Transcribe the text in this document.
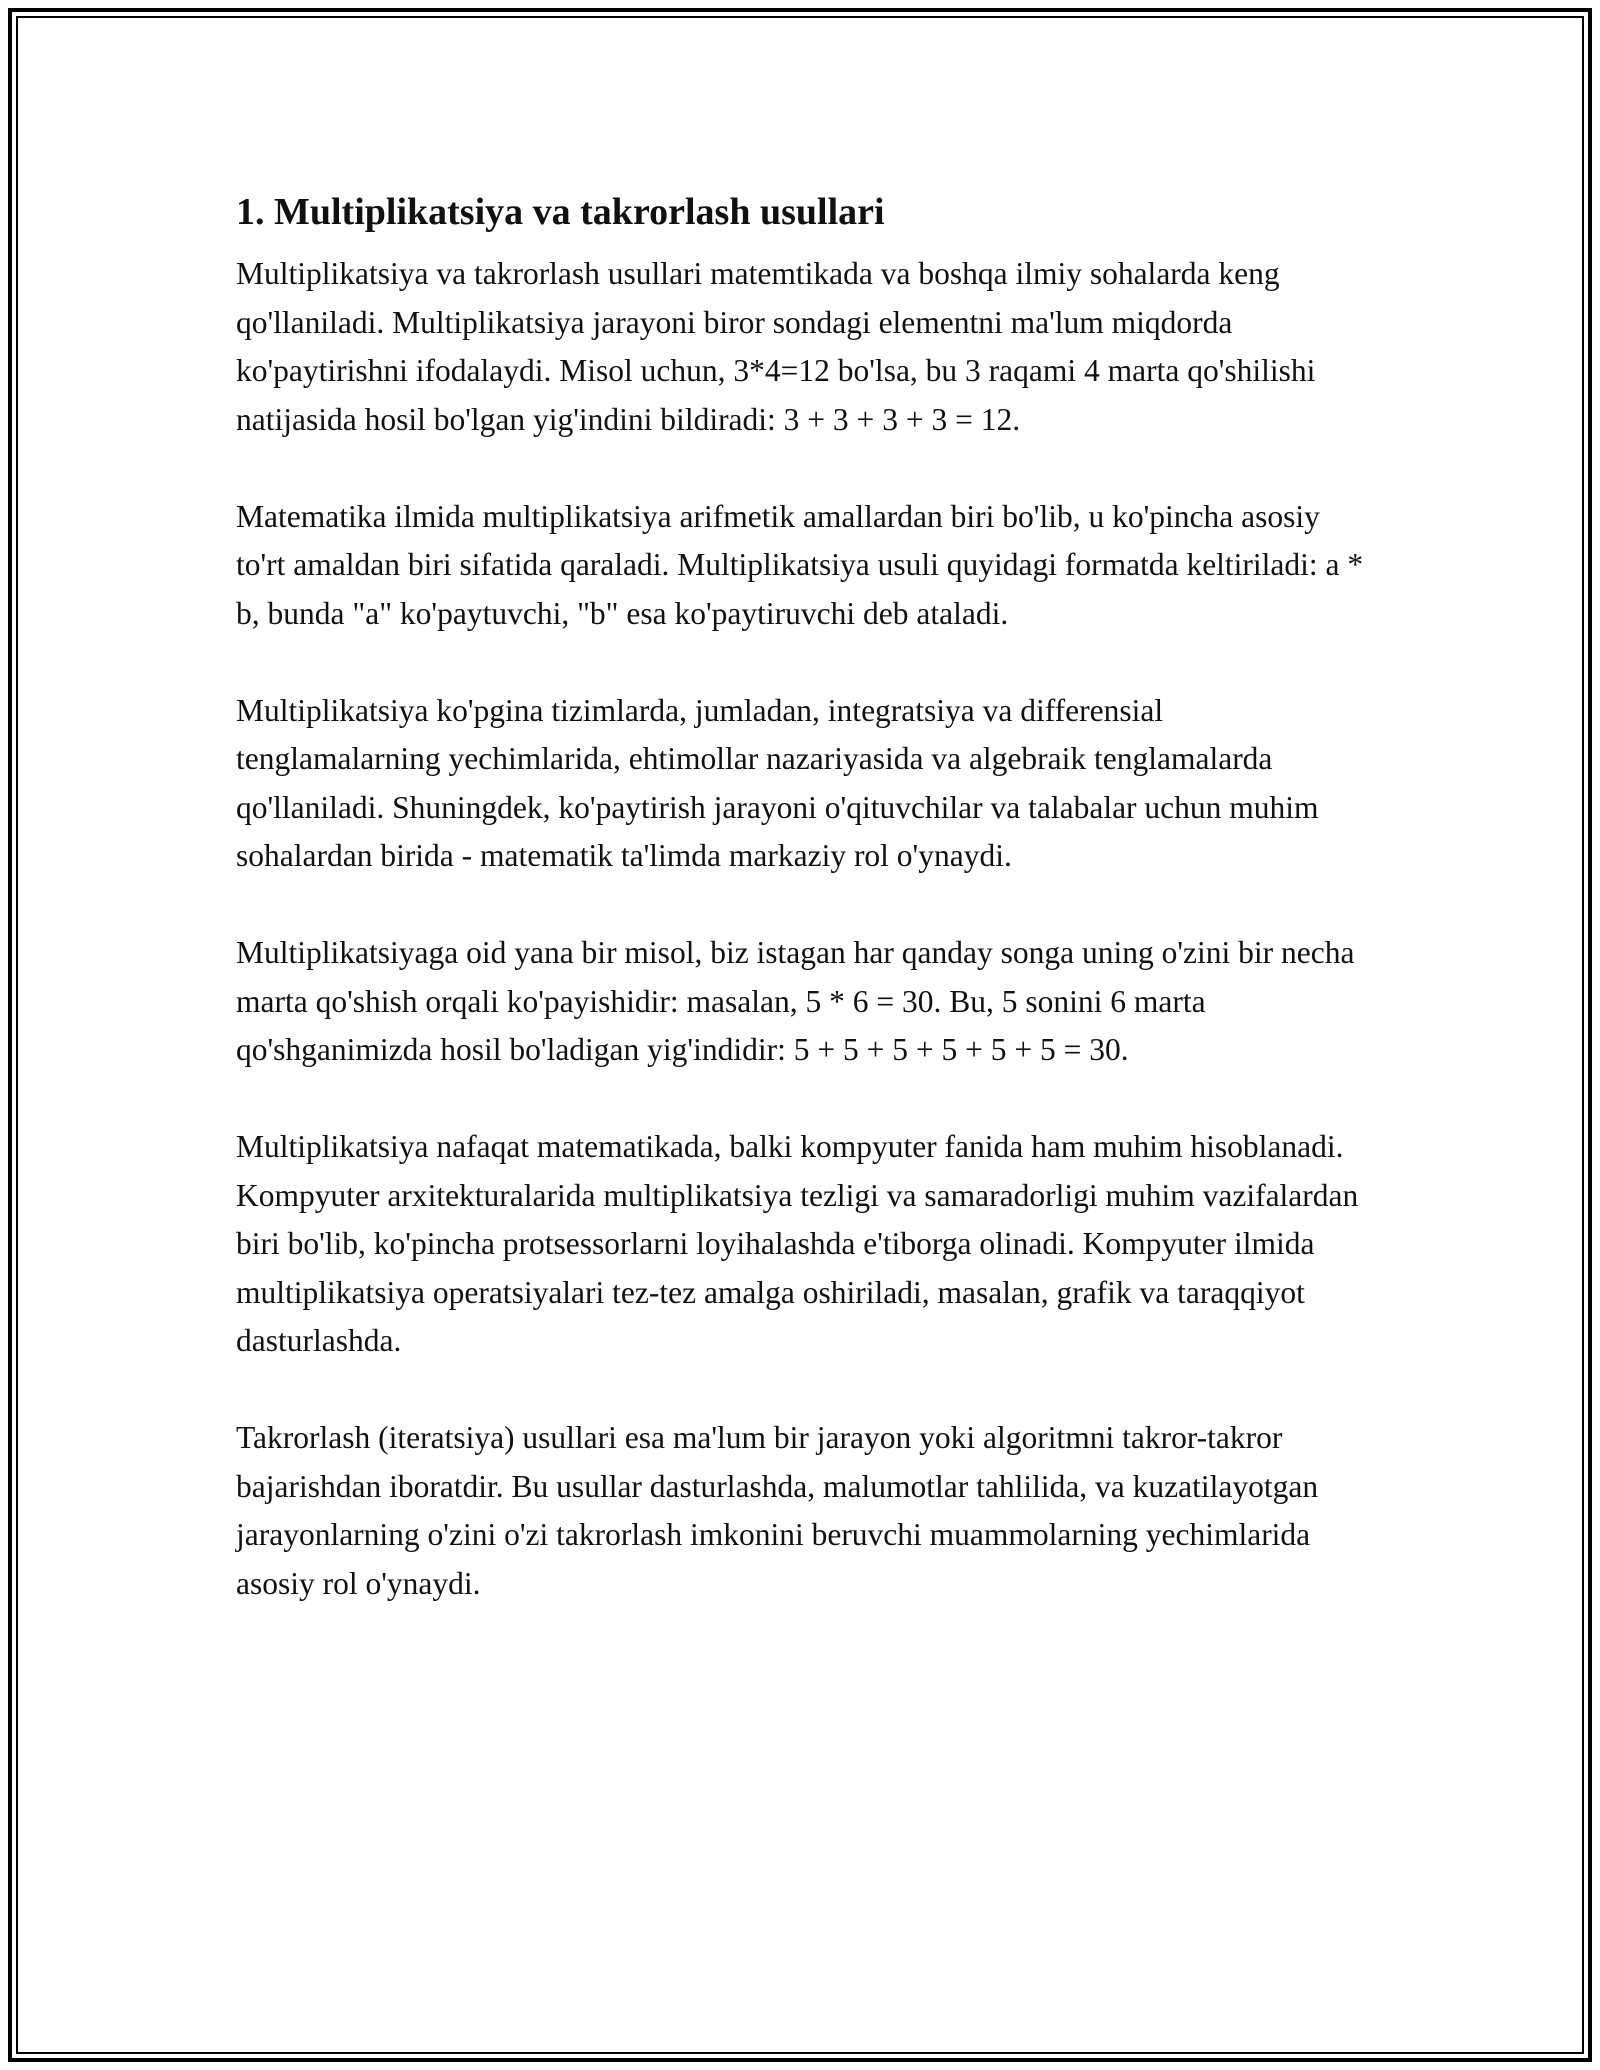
1. Multiplikatsiya va takrorlash usullari

Multiplikatsiya va takrorlash usullari matemtikada va boshqa ilmiy sohalarda keng qo'llaniladi. Multiplikatsiya jarayoni biror sondagi elementni ma'lum miqdorda ko'paytirishni ifodalaydi. Misol uchun, 3*4=12 bo'lsa, bu 3 raqami 4 marta qo'shilishi natijasida hosil bo'lgan yig'indini bildiradi: 3 + 3 + 3 + 3 = 12.

Matematika ilmida multiplikatsiya arifmetik amallardan biri bo'lib, u ko'pincha asosiy to'rt amaldan biri sifatida qaraladi. Multiplikatsiya usuli quyidagi formatda keltiriladi: a * b, bunda "a" ko'paytuvchi, "b" esa ko'paytiruvchi deb ataladi.

Multiplikatsiya ko'pgina tizimlarda, jumladan, integratsiya va differensial tenglamalarning yechimlarida, ehtimollar nazariyasida va algebraik tenglamalarda qo'llaniladi. Shuningdek, ko'paytirish jarayoni o'qituvchilar va talabalar uchun muhim sohalardan birida - matematik ta'limda markaziy rol o'ynaydi.

Multiplikatsiyaga oid yana bir misol, biz istagan har qanday songa uning o'zini bir necha marta qo'shish orqali ko'payishidir: masalan, 5 * 6 = 30. Bu, 5 sonini 6 marta qo'shganimizda hosil bo'ladigan yig'indidir: 5 + 5 + 5 + 5 + 5 + 5 = 30.

Multiplikatsiya nafaqat matematikada, balki kompyuter fanida ham muhim hisoblanadi. Kompyuter arxitekturalarida multiplikatsiya tezligi va samaradorligi muhim vazifalardan biri bo'lib, ko'pincha protsessorlarni loyihalashda e'tiborga olinadi. Kompyuter ilmida multiplikatsiya operatsiyalari tez-tez amalga oshiriladi, masalan, grafik va taraqqiyot dasturlashda.

Takrorlash (iteratsiya) usullari esa ma'lum bir jarayon yoki algoritmni takror-takror bajarishdan iboratdir. Bu usullar dasturlashda, malumotlar tahlilida, va kuzatilayotgan jarayonlarning o'zini o'zi takrorlash imkonini beruvchi muammolarning yechimlarida asosiy rol o'ynaydi.
